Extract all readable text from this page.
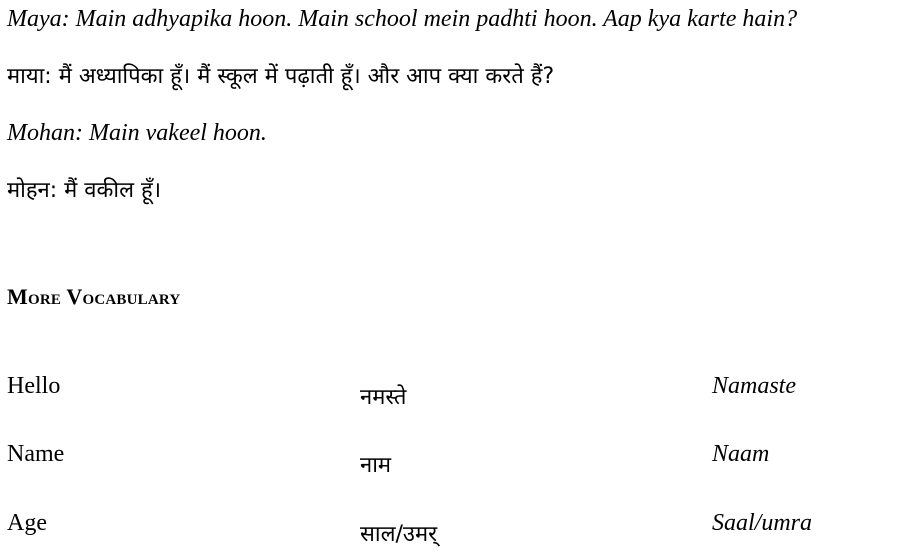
Maya: Main adhyapika hoon. Main school mein padhti hoon. Aap kya karte hain?
माया: मैं अध्यापिका हूँ। मैं स्कूल में पढ़ाती हूँ। और आप क्या करते हैं?
Mohan: Main vakeel hoon.
मोहन: मैं वकील हूँ।
More Vocabulary
Hello	नमस्ते	Namaste
Name	नाम	Naam
Age	साल/उमर्	Saal/umra
